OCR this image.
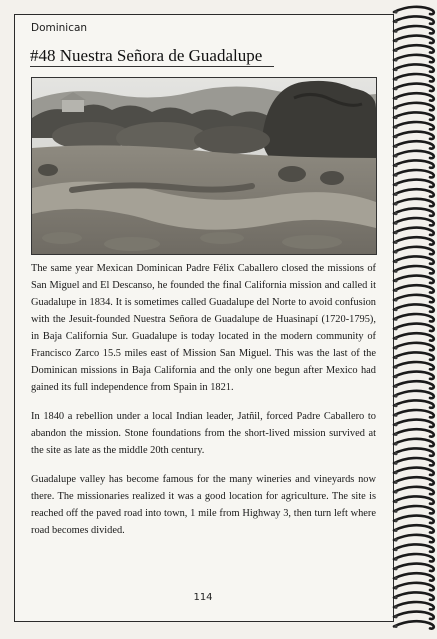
Dominican
#48 Nuestra Señora de Guadalupe

The same year Mexican Dominican Padre Félix Caballero closed the missions of San Miguel and El Descanso, he founded the final California mission and called it Guadalupe in 1834. It is sometimes called Guadalupe del Norte to avoid confusion with the Jesuit-founded Nuestra Señora de Guadalupe de Huasinapí (1720-1795), in Baja California Sur. Guadalupe is today located in the modern community of Francisco Zarco 15.5 miles east of Mission San Miguel. This was the last of the Dominican missions in Baja California and the only one begun after Mexico had gained its full independence from Spain in 1821.

In 1840 a rebellion under a local Indian leader, Jatñil, forced Padre Caballero to abandon the mission. Stone foundations from the short-lived mission survived at the site as late as the middle 20th century.

Guadalupe valley has become famous for the many wineries and vineyards now there. The missionaries realized it was a good location for agriculture. The site is reached off the paved road into town, 1 mile from Highway 3, then turn left where road becomes divided.

114
